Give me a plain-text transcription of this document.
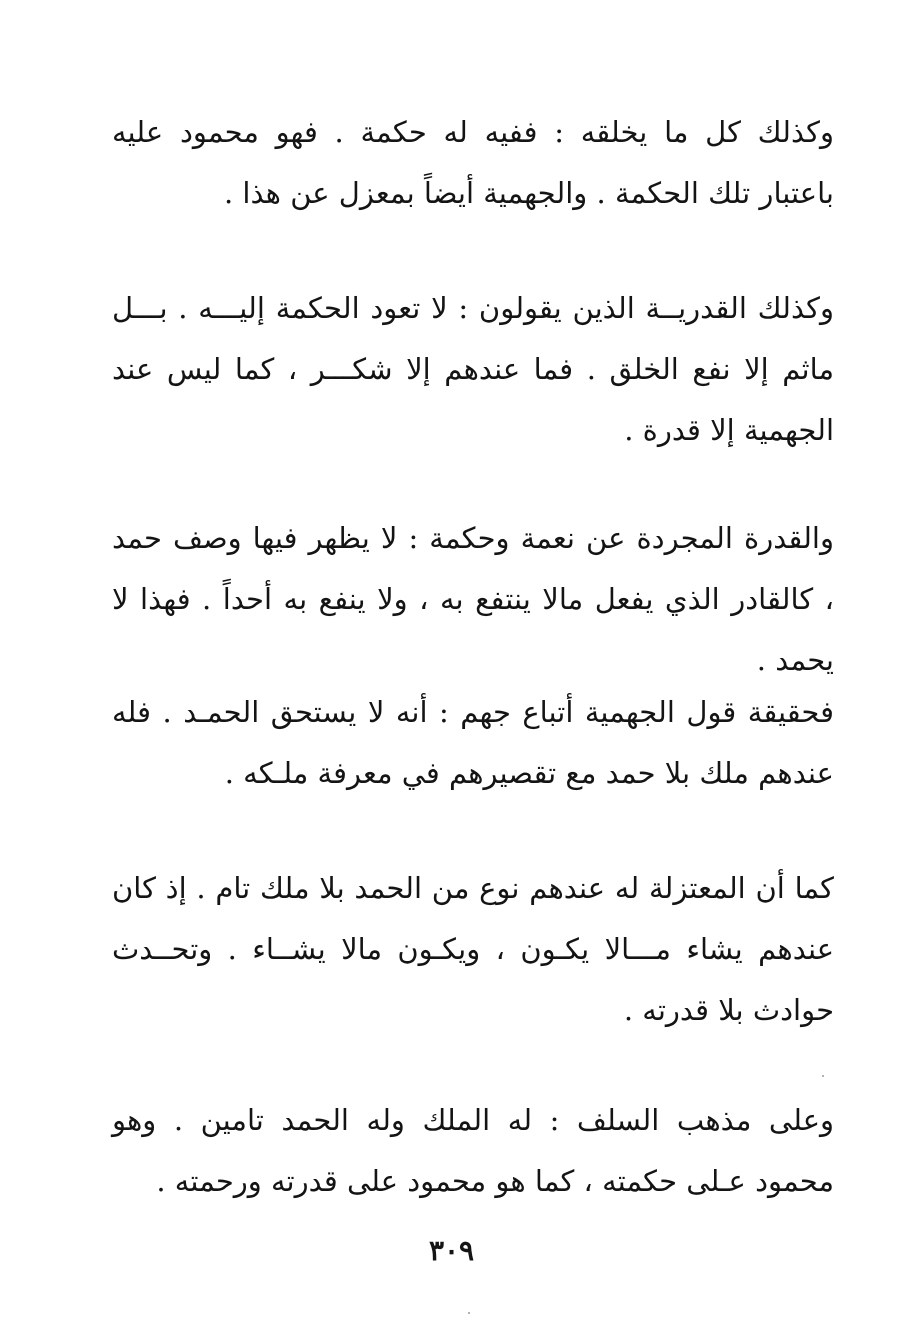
وكذلك كل ما يخلقه : ففيه له حكمة . فهو محمود عليه باعتبار تلك الحكمة . والجهمية أيضاً بمعزل عن هذا .

وكذلك القدريــة الذين يقولون : لا تعود الحكمة إليـــه . بـــل ماثم إلا نفع الخلق . فما عندهم إلا شكـــر ، كما ليس عند الجهمية إلا قدرة .

والقدرة المجردة عن نعمة وحكمة : لا يظهر فيها وصف حمد ، كالقادر الذي يفعل مالا ينتفع به ، ولا ينفع به أحداً . فهذا لا يحمد .

فحقيقة قول الجهمية أتباع جهم : أنه لا يستحق الحمـد . فله عندهم ملك بلا حمد مع تقصيرهم في معرفة ملـكه .

كما أن المعتزلة له عندهم نوع من الحمد بلا ملك تام . إذ كان عندهم يشاء مـــالا يكـون ، ويكـون مالا يشــاء . وتحــدث حوادث بلا قدرته .

وعلى مذهب السلف : له الملك وله الحمد تامين . وهو محمود عـلى حكمته ، كما هو محمود على قدرته ورحمته .

٣٠٩
